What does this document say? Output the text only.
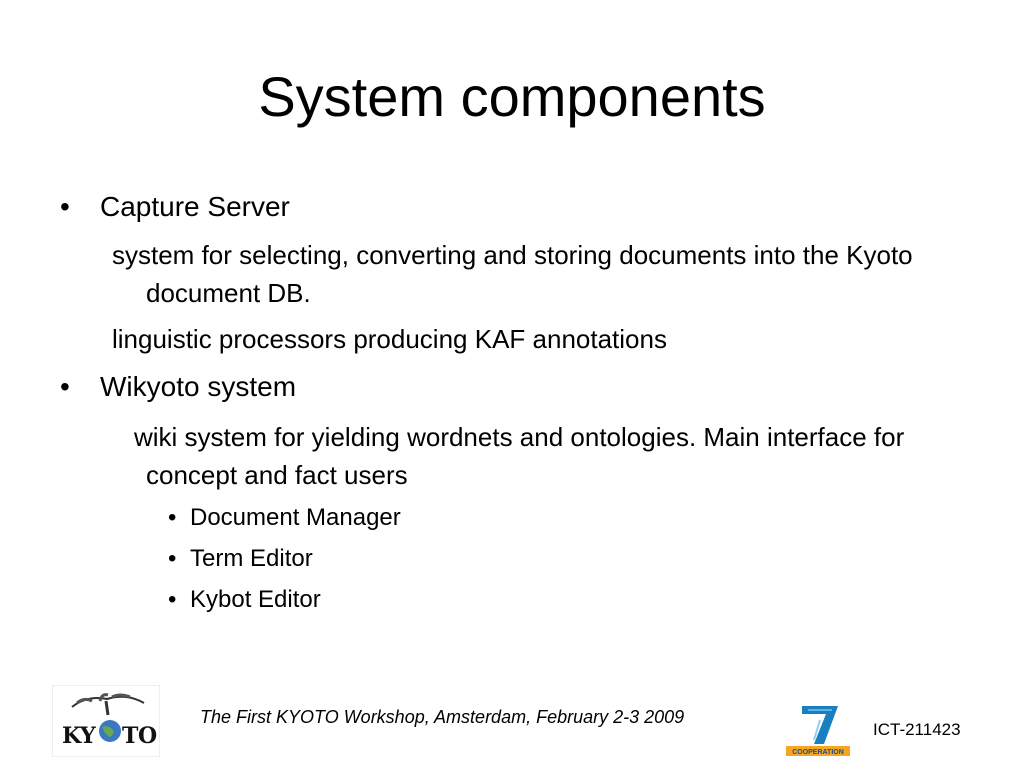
System components
• Capture Server
system for selecting, converting and storing documents into the Kyoto document DB.
linguistic processors producing KAF annotations
• Wikyoto system
wiki system for yielding wordnets and ontologies. Main interface for concept and fact users
• Document Manager
• Term Editor
• Kybot Editor
K
Y T O
The First KYOTO Workshop, Amsterdam, February 2-3 2009
COOPERATION
ICT-211423
